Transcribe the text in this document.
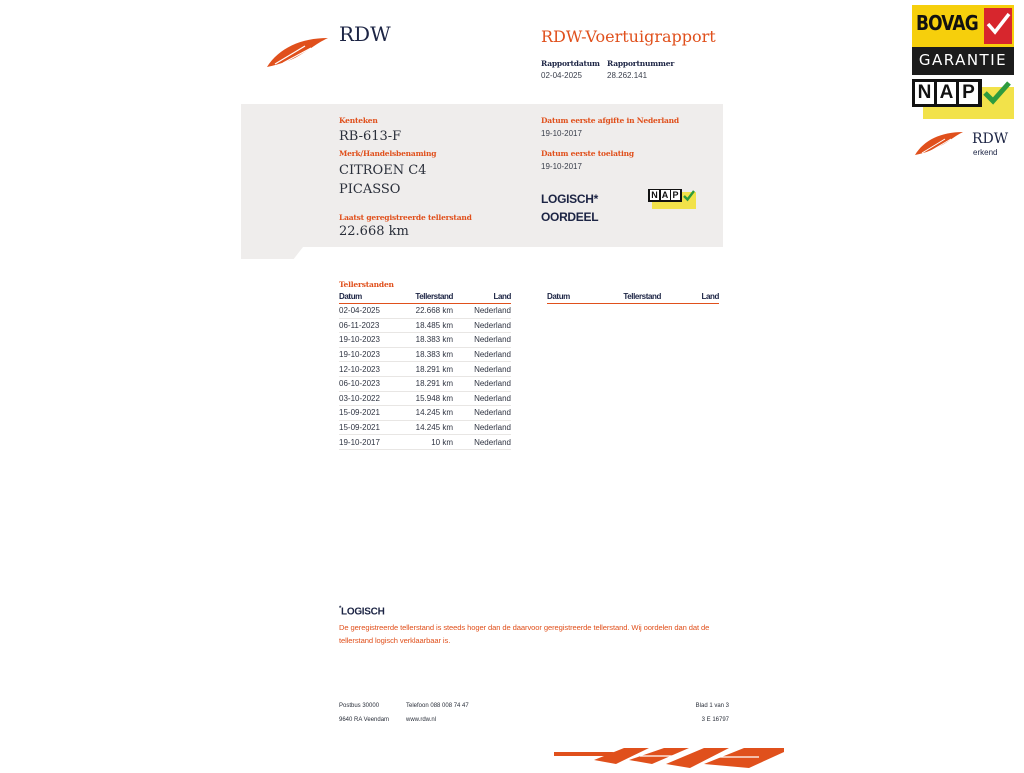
RDW	RDW-Voertuigrapport
Rapportdatum
02-04-2025
Rapportnummer
28.262.141
Kenteken
RB-613-F
Merk/Handelsbenaming
CITROEN C4
PICASSO
Laatst geregistreerde tellerstand
22.668 km
Datum eerste afgifte in Nederland
19-10-2017
Datum eerste toelating
19-10-2017
LOGISCH*
OORDEEL
N A P
Tellerstanden
Datum	Tellerstand	Land
02-04-2025	22.668 km	Nederland
06-11-2023	18.485 km	Nederland
19-10-2023	18.383 km	Nederland
19-10-2023	18.383 km	Nederland
12-10-2023	18.291 km	Nederland
06-10-2023	18.291 km	Nederland
03-10-2022	15.948 km	Nederland
15-09-2021	14.245 km	Nederland
15-09-2021	14.245 km	Nederland
19-10-2017	10 km	Nederland
Datum	Tellerstand	Land
*LOGISCH
De geregistreerde tellerstand is steeds hoger dan de daarvoor geregistreerde tellerstand. Wij oordelen dan dat de tellerstand logisch verklaarbaar is.
Postbus 30000
9640 RA Veendam
Telefoon 088 008 74 47
www.rdw.nl
Blad 1 van 3
3 E 16797
BOVAG
GARANTIE
N A P
RDW
erkend
